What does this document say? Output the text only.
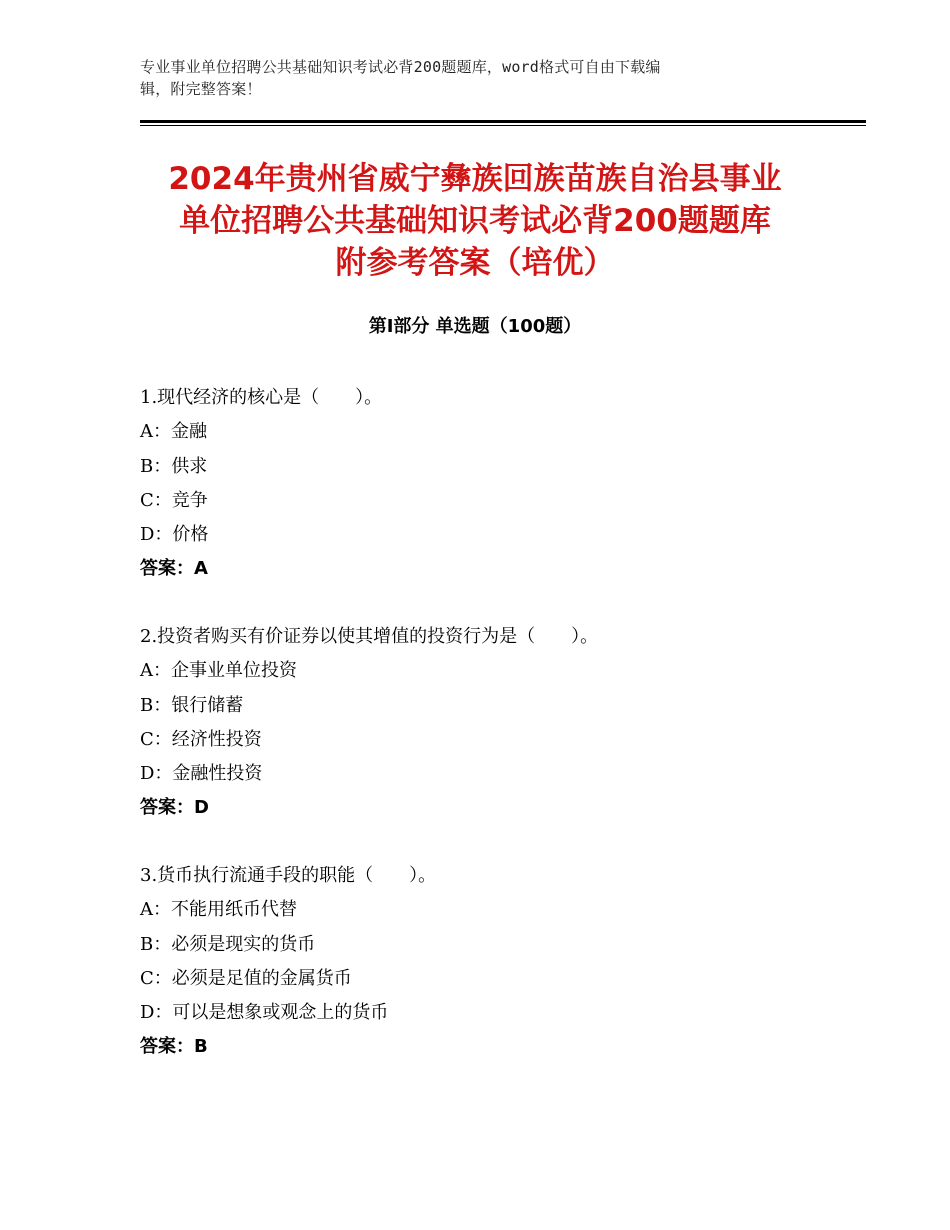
专业事业单位招聘公共基础知识考试必背200题题库，word格式可自由下载编
辑，附完整答案！
2024年贵州省威宁彝族回族苗族自治县事业
单位招聘公共基础知识考试必背200题题库
附参考答案（培优）
第Ⅰ部分 单选题（100题）
1.现代经济的核心是（　　）。
A：金融
B：供求
C：竞争
D：价格
答案：A
2.投资者购买有价证券以使其增值的投资行为是（　　）。
A：企事业单位投资
B：银行储蓄
C：经济性投资
D：金融性投资
答案：D
3.货币执行流通手段的职能（　　）。
A：不能用纸币代替
B：必须是现实的货币
C：必须是足值的金属货币
D：可以是想象或观念上的货币
答案：B
